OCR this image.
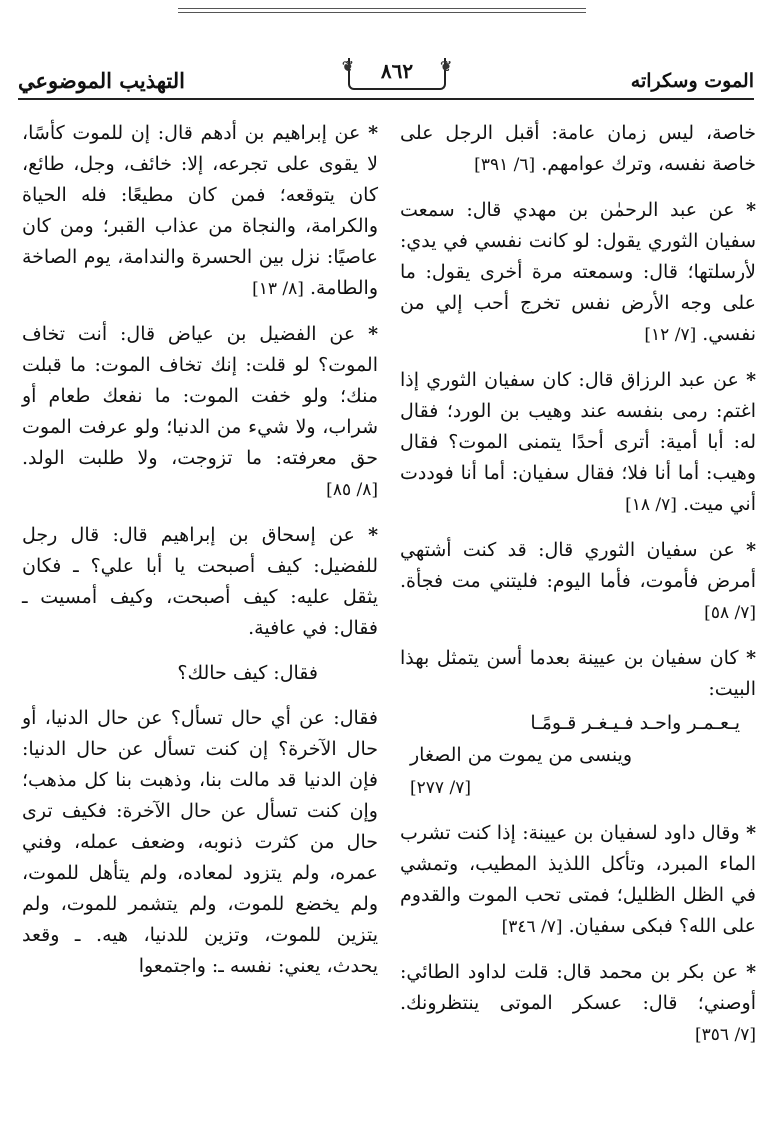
الموت وسكراته
❦ ٨٦٢ ❦
التهذيب الموضوعي

خاصة، ليس زمان عامة: أقبل الرجل على خاصة نفسه، وترك عوامهم. [٦/ ٣٩١]

* عن عبد الرحمٰن بن مهدي قال: سمعت سفيان الثوري يقول: لو كانت نفسي في يدي: لأرسلتها؛ قال: وسمعته مرة أخرى يقول: ما على وجه الأرض نفس تخرج أحب إلي من نفسي. [٧/ ١٢]

* عن عبد الرزاق قال: كان سفيان الثوري إذا اغتم: رمى بنفسه عند وهيب بن الورد؛ فقال له: أبا أمية: أترى أحدًا يتمنى الموت؟ فقال وهيب: أما أنا فلا؛ فقال سفيان: أما أنا فوددت أني ميت. [٧/ ١٨]

* عن سفيان الثوري قال: قد كنت أشتهي أمرض فأموت، فأما اليوم: فليتني مت فجأة. [٧/ ٥٨]

* كان سفيان بن عيينة بعدما أسن يتمثل بهذا البيت:

يـعـمـر واحـد فـيـغـر قـومًـا
وينسى من يموت من الصغار
[٧/ ٢٧٧]

* وقال داود لسفيان بن عيينة: إذا كنت تشرب الماء المبرد، وتأكل اللذيذ المطيب، وتمشي في الظل الظليل؛ فمتى تحب الموت والقدوم على الله؟ فبكى سفيان. [٧/ ٣٤٦]

* عن بكر بن محمد قال: قلت لداود الطائي: أوصني؛ قال: عسكر الموتى ينتظرونك. [٧/ ٣٥٦]

* عن إبراهيم بن أدهم قال: إن للموت كأسًا، لا يقوى على تجرعه، إلا: خائف، وجل، طائع، كان يتوقعه؛ فمن كان مطيعًا: فله الحياة والكرامة، والنجاة من عذاب القبر؛ ومن كان عاصيًا: نزل بين الحسرة والندامة، يوم الصاخة والطامة. [٨/ ١٣]

* عن الفضيل بن عياض قال: أنت تخاف الموت؟ لو قلت: إنك تخاف الموت: ما قبلت منك؛ ولو خفت الموت: ما نفعك طعام أو شراب، ولا شيء من الدنيا؛ ولو عرفت الموت حق معرفته: ما تزوجت، ولا طلبت الولد. [٨/ ٨٥]

* عن إسحاق بن إبراهيم قال: قال رجل للفضيل: كيف أصبحت يا أبا علي؟ ـ فكان يثقل عليه: كيف أصبحت، وكيف أمسيت ـ فقال: في عافية.

فقال: كيف حالك؟

فقال: عن أي حال تسأل؟ عن حال الدنيا، أو حال الآخرة؟ إن كنت تسأل عن حال الدنيا: فإن الدنيا قد مالت بنا، وذهبت بنا كل مذهب؛ وإن كنت تسأل عن حال الآخرة: فكيف ترى حال من كثرت ذنوبه، وضعف عمله، وفني عمره، ولم يتزود لمعاده، ولم يتأهل للموت، ولم يخضع للموت، ولم يتشمر للموت، ولم يتزين للموت، وتزين للدنيا، هيه. ـ وقعد يحدث، يعني: نفسه ـ: واجتمعوا
